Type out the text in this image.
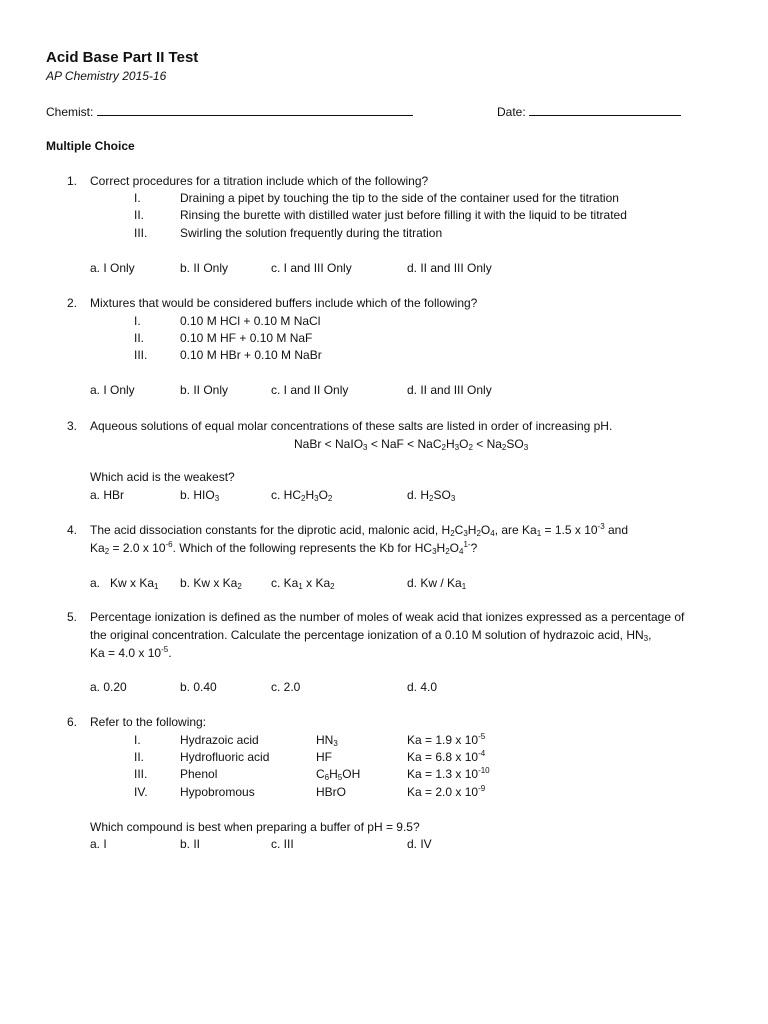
Acid Base Part II Test
AP Chemistry 2015-16
Chemist:	Date:
Multiple Choice
1. Correct procedures for a titration include which of the following?
I.	Draining a pipet by touching the tip to the side of the container used for the titration
II.	Rinsing the burette with distilled water just before filling it with the liquid to be titrated
III.	Swirling the solution frequently during the titration
a. I Only	b. II Only	c. I and III Only	d. II and III Only
2. Mixtures that would be considered buffers include which of the following?
I.	0.10 M HCl + 0.10 M NaCl
II.	0.10 M HF + 0.10 M NaF
III.	0.10 M HBr + 0.10 M NaBr
a. I Only	b. II Only	c. I and II Only	d. II and III Only
3. Aqueous solutions of equal molar concentrations of these salts are listed in order of increasing pH.
NaBr < NaIO$_3$ < NaF < $NaC_2H_3O_2 < Na_2SO_3$
Which acid is the weakest?
a. HBr	b. $HIO_3$	c. $HC_2H_3O_2$	d. $H_2SO_3$
4. The acid dissociation constants for the diprotic acid, malonic acid, $H_2C_3H_2O_4$, are $Ka_1 = 1.5$ x $10^{-3}$ and
$Ka_2 = 2.0$ x $10^{-6}$. Which of the following represents the Kb for $HC_3H_2O_4^{1-}$?
a.   Kw x $Ka_1$ b. Kw x $Ka_2$ c. $Ka_1$ x $Ka_2$	d. Kw / $Ka_1$
5. Percentage ionization is defined as the number of moles of weak acid that ionizes expressed as a percentage of
the original concentration. Calculate the percentage ionization of a 0.10 M solution of hydrazoic acid, $HN_3$,
Ka = 4.0 x $10^{-5}$.
a. 0.20	b. 0.40	c. 2.0	d. 4.0
6. Refer to the following:
I.	Hydrazoic acid	$HN_3$	Ka = 1.9 x $10^{-5}$
II.	Hydrofluoric acid	HF	Ka = 6.8 x $10^{-4}$
III.	Phenol	$C_6H_5OH$	Ka = 1.3 x $10^{-10}$
IV.	Hypobromous	HBrO	Ka = 2.0 x $10^{-9}$
Which compound is best when preparing a buffer of pH = 9.5?
a. I	b. II	c. III	d. IV
